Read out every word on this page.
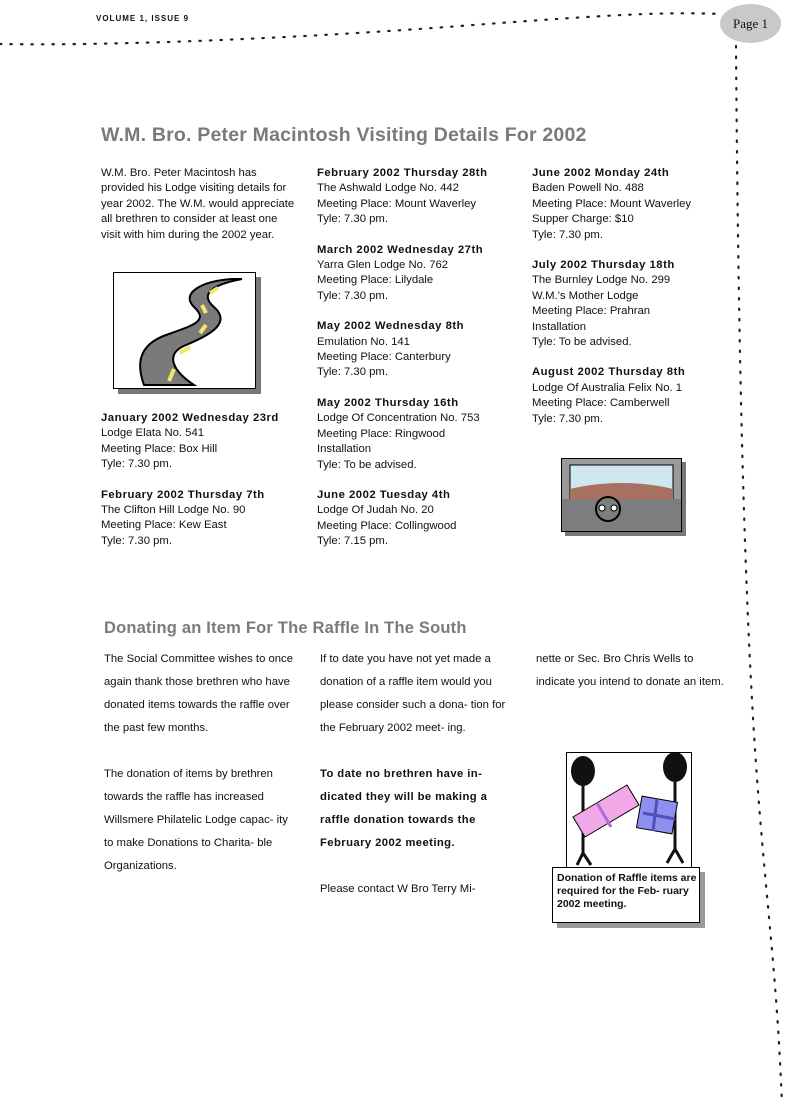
VOLUME 1, ISSUE 9	Page 1
W.M. Bro. Peter Macintosh Visiting Details For 2002

W.M. Bro. Peter Macintosh has provided his Lodge visiting details for year 2002. The W.M. would appreciate all brethren to consider at least one visit with him during the 2002 year.

January 2002 Wednesday 23rd
Lodge Elata No. 541
Meeting Place: Box Hill
Tyle: 7.30 pm.

February 2002 Thursday 7th
The Clifton Hill Lodge No. 90
Meeting Place: Kew East
Tyle: 7.30 pm.

February 2002 Thursday 28th
The Ashwald Lodge No. 442
Meeting Place: Mount Waverley
Tyle: 7.30 pm.

March 2002 Wednesday 27th
Yarra Glen Lodge No. 762
Meeting Place: Lilydale
Tyle: 7.30 pm.

May 2002 Wednesday 8th
Emulation No. 141
Meeting Place: Canterbury
Tyle: 7.30 pm.

May 2002 Thursday 16th
Lodge Of Concentration No. 753
Meeting Place: Ringwood
Installation
Tyle: To be advised.

June 2002 Tuesday 4th
Lodge Of Judah No. 20
Meeting Place: Collingwood
Tyle: 7.15 pm.

June 2002 Monday 24th
Baden Powell No. 488
Meeting Place: Mount Waverley
Supper Charge: $10
Tyle: 7.30 pm.

July 2002 Thursday 18th
The Burnley Lodge No. 299
W.M.'s Mother Lodge
Meeting Place: Prahran
Installation
Tyle: To be advised.

August 2002 Thursday 8th
Lodge Of Australia Felix No. 1
Meeting Place: Camberwell
Tyle: 7.30 pm.

Donating an Item For The Raffle In The South

The Social Committee wishes to once again thank those brethren who have donated items towards the raffle over the past few months.

The donation of items by brethren towards the raffle has increased Willsmere Philatelic Lodge capac- ity to make Donations to Charita- ble Organizations.

If to date you have not yet made a donation of a raffle item would you please consider such a dona- tion for the February 2002 meet- ing.

To date no brethren have in- dicated they will be making a raffle donation towards the February 2002 meeting.

Please contact W Bro Terry Mi-

nette or Sec. Bro Chris Wells to indicate you intend to donate an item.

Donation of Raffle items are required for the Feb- ruary 2002 meeting.
